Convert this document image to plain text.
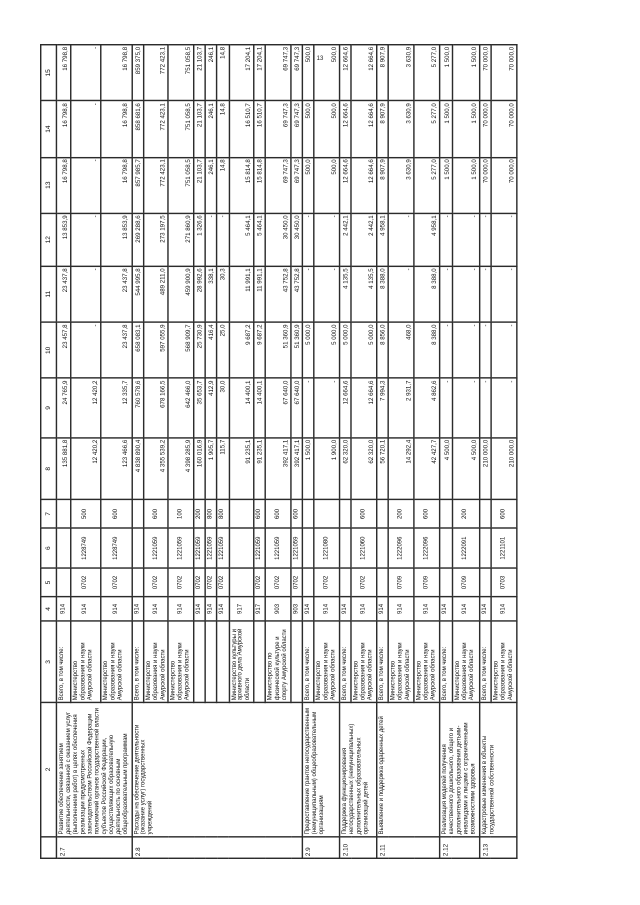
13
	2	3	4	5	6	7	8	9	10	11	12	13	14	15
2.7	Развитие обеспечение занятием деятельности, связанной с оказанием услуг (выполнением работ) в целях обеспечения реализации предусмотренных законодательством Российской Федерации полномочий органов государственной власти субъектов Российской Федерации, осуществляющих образовательную деятельность по основным общеобразовательным программам	Всего, в том числе:	914				135 881,8	24 765,9	23 457,8	23 437,8	13 853,9	16 798,8	16 798,8	16 798,8
		Министерство образования и науки Амурской области	914	0702	1228749	500	12 420,2	12 420,2	-	-	-	-	-	-
		Министерство образования и науки Амурской области	914	0702	1228749	600	123 466,6	12 335,7	23 437,8	23 437,8	13 853,9	16 798,8	16 798,8	16 798,8
2.8	Расходы на обеспечение деятельности (оказание услуг) государственных учреждений	Всего, в том числе:	914				4 838 890,4	760 578,6	658 083,1	544 995,8	269 288,6	857 985,7	858 681,6	859 375,0
		Министерство образования и науки Амурской области	914	0702	1221059	600	4 355 539,2	678 166,5	597 055,9	489 211,0	273 197,5	772 423,1	772 423,1	772 423,1
		Министерство образования и науки Амурской области	914	0702	1221059	100	4 398 285,9	642 466,0	568 909,7	459 900,9	271 860,9	751 058,5	751 058,5	751 058,5
			914	0702	1221059	200	160 016,9	35 653,7	25 730,9	28 992,6	1 326,6	21 103,7	21 103,7	21 103,7
			914	0702	1221059	800	1 905,7	412,9	416,4	338,1	-	246,1	246,1	246,1
			914	0702	1221059	800	115,7	30,0	25,0	30,3	-	14,8	14,8	14,8
		Министерство культуры и архивного дела Амурской области	917				91 235,1	14 400,1	9 687,2	11 991,1	5 464,1	15 814,8	16 510,7	17 204,1
			917	0702	1221059	600	91 235,1	14 400,1	9 687,2	11 991,1	5 464,1	15 814,8	16 510,7	17 204,1
		Министерство по физической культуре и спорту Амурской области	903	0702	1221059	600	392 417,1	67 640,0	51 360,9	43 752,8	30 450,0	69 747,3	69 747,3	69 747,3
			903	0702	1221059	600	392 417,1	67 640,0	51 360,9	43 752,8	30 450,0	69 747,3	69 747,3	69 747,3
2.9	Предоставление грантов негосударственным (немуниципальным) общеобразовательным организациям	Всего, в том числе:	914				1 500,0	-	5 000,0	-	-	500,0	500,0	500,0
		Министерство образования и науки Амурской области	914	0702	1221080		1 900,0	-	5 000,0	-	-	500,0	500,0	500,0
2.10	Поддержка функционирования негосударственных (немуниципальных) дополнительных образовательных организаций детей	Всего, в том числе:	914				62 320,0	12 664,6	5 000,0	4 135,5	2 442,1	12 664,6	12 664,6	12 664,6
		Министерство образования и науки Амурской области	914	0702	1221060	600	62 320,0	12 664,6	5 000,0	4 135,5	2 442,1	12 664,6	12 664,6	12 664,6
2.11	Выявление и поддержка одаренных детей	Всего, в том числе:	914				56 720,1	7 994,3	8 856,0	8 388,0	4 958,1	8 907,9	8 907,9	8 907,9
		Министерство образования и науки Амурской области	914	0709	1222096	200	14 292,4	2 931,7	468,0	-	-	3 630,9	3 630,9	3 630,9
		Министерство образования и науки Амурской области	914	0709	1222096	600	42 427,7	4 862,6	8 388,0	8 388,0	4 958,1	5 277,0	5 277,0	5 277,0
2.12	Реализация моделей получения качественного дошкольного, общего и дополнительного образования детьми-инвалидами и лицами с ограниченными возможностями здоровья	Всего, в том числе:	914				4 500,0	-	-	-	-	1 500,0	1 500,0	1 500,0
		Министерство образования и науки Амурской области	914	0709	1222091	200	4 500,0	-	-	-	-	1 500,0	1 500,0	1 500,0
2.13	Кадастровые изменения в объекты государственной собственности	Всего, в том числе:	914				210 000,0	-	-	-	-	70 000,0	70 000,0	70 000,0
		Министерство образования и науки Амурской области	914	0703	1221101	600	210 000,0	-	-	-	-	70 000,0	70 000,0	70 000,0
